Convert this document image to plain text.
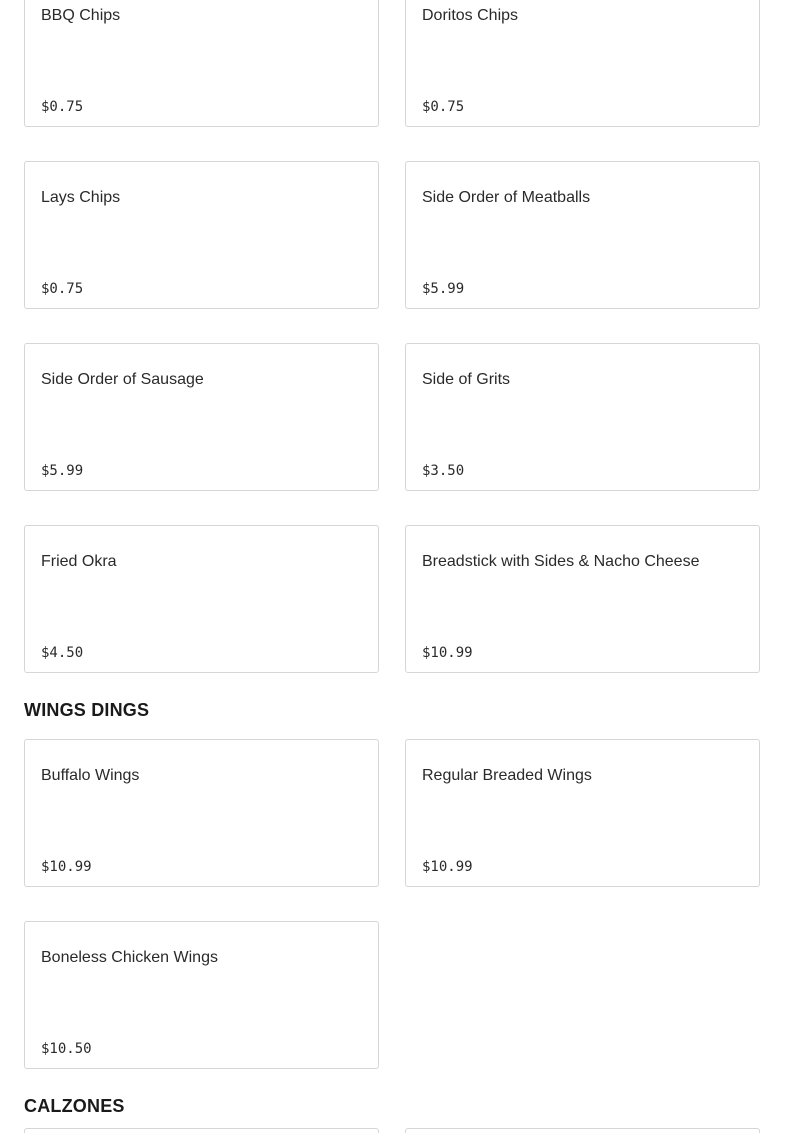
BBQ Chips
$0.75
Doritos Chips
$0.75
Lays Chips
$0.75
Side Order of Meatballs
$5.99
Side Order of Sausage
$5.99
Side of Grits
$3.50
Fried Okra
$4.50
Breadstick with Sides & Nacho Cheese
$10.99
WINGS DINGS
Buffalo Wings
$10.99
Regular Breaded Wings
$10.99
Boneless Chicken Wings
$10.50
CALZONES
